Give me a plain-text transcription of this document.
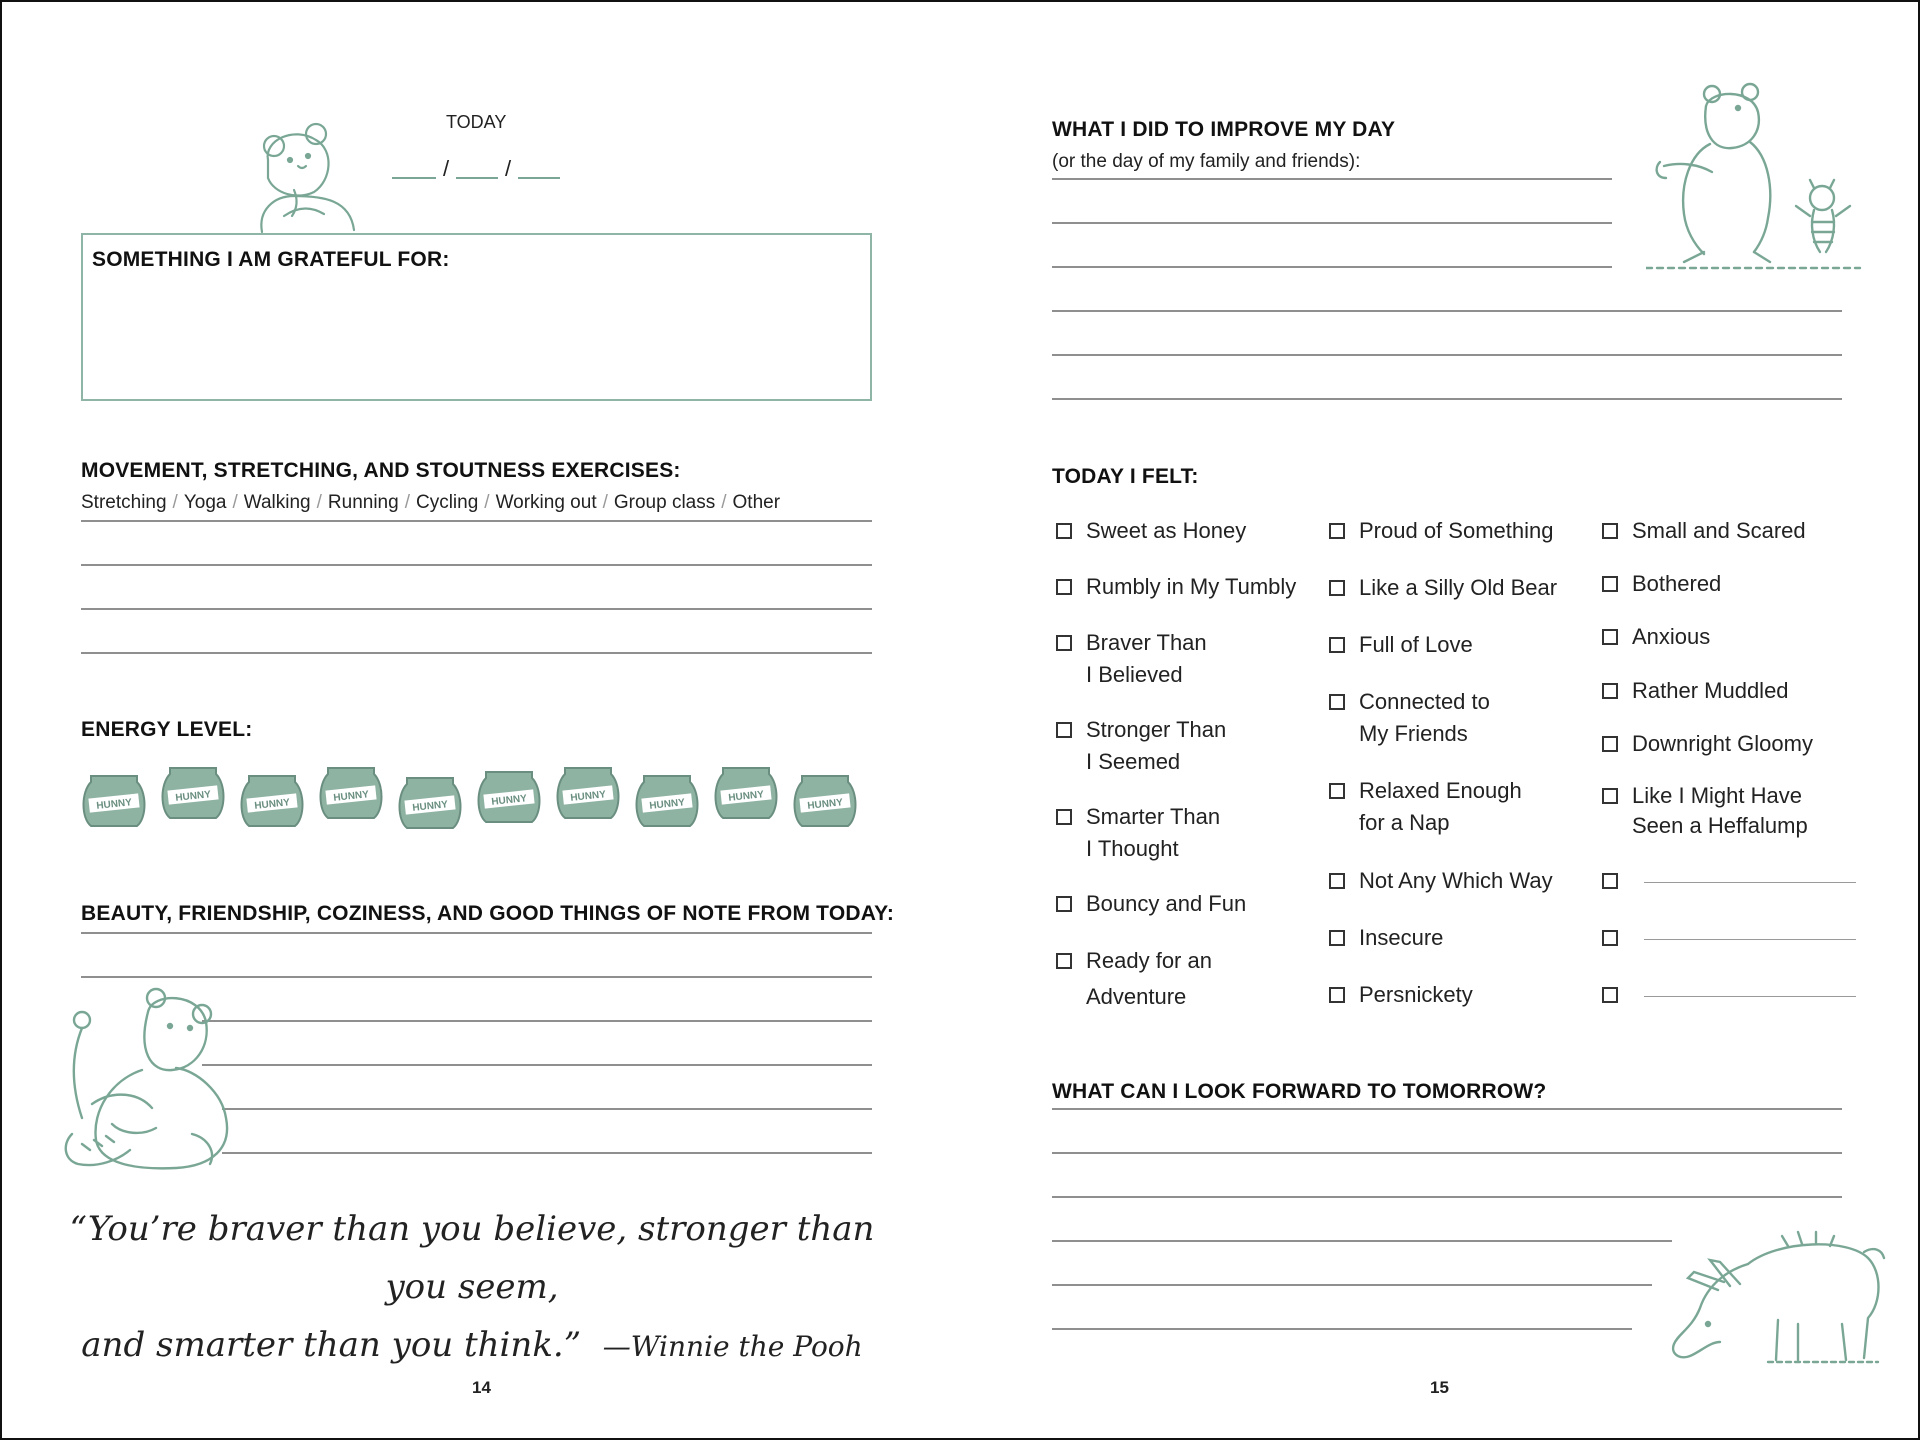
TODAY
/	/
SOMETHING I AM GRATEFUL FOR:
MOVEMENT, STRETCHING, AND STOUTNESS EXERCISES:
Stretching / Yoga / Walking / Running / Cycling / Working out / Group class / Other
ENERGY LEVEL:
HUNNY
HUNNY
HUNNY
HUNNY
HUNNY	HUNNY	HUNNY
HUNNY
HUNNY
HUNNY
BEAUTY, FRIENDSHIP, COZINESS, AND GOOD THINGS OF NOTE FROM TODAY:
“You’re braver than you believe, stronger than you seem,
and smarter than you think.” —Winnie the Pooh
14
WHAT I DID TO IMPROVE MY DAY
(or the day of my family and friends):
TODAY I FELT:
Sweet as Honey
Rumbly in My Tumbly
Braver Than
I Believed
Stronger Than
I Seemed
Smarter Than
I Thought
Bouncy and Fun
Ready for an
Adventure
Proud of Something
Like a Silly Old Bear
Full of Love
Connected to
My Friends
Relaxed Enough
for a Nap
Not Any Which Way
Insecure
Persnickety
Small and Scared
Bothered
Anxious
Rather Muddled
Downright Gloomy
Like I Might Have
Seen a Heffalump
WHAT CAN I LOOK FORWARD TO TOMORROW?
15
